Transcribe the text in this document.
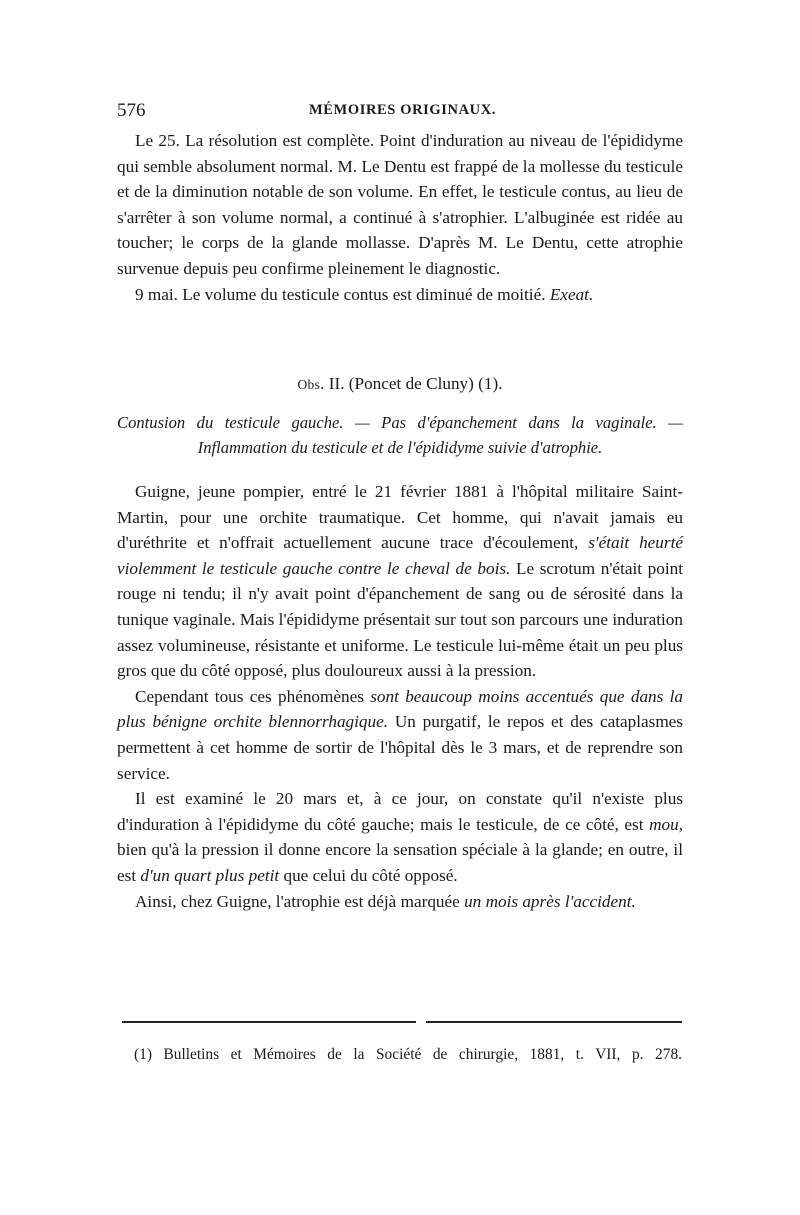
576	MÉMOIRES ORIGINAUX.

Le 25. La résolution est complète. Point d'induration au niveau de l'épididyme qui semble absolument normal. M. Le Dentu est frappé de la mollesse du testicule et de la diminution notable de son volume. En effet, le testicule contus, au lieu de s'arrêter à son volume normal, a continué à s'atrophier. L'albuginée est ridée au toucher; le corps de la glande mollasse. D'après M. Le Dentu, cette atrophie survenue depuis peu confirme pleinement le diagnostic.

9 mai. Le volume du testicule contus est diminué de moitié. Exeat.

Obs. II. (Poncet de Cluny) (1).
Contusion du testicule gauche. — Pas d'épanchement dans la vaginale. —
Inflammation du testicule et de l'épididyme suivie d'atrophie.

Guigne, jeune pompier, entré le 21 février 1881 à l'hôpital militaire Saint-Martin, pour une orchite traumatique. Cet homme, qui n'avait jamais eu d'uréthrite et n'offrait actuellement aucune trace d'écoulement, s'était heurté violemment le testicule gauche contre le cheval de bois. Le scrotum n'était point rouge ni tendu; il n'y avait point d'épanchement de sang ou de sérosité dans la tunique vaginale. Mais l'épididyme présentait sur tout son parcours une induration assez volumineuse, résistante et uniforme. Le testicule lui-même était un peu plus gros que du côté opposé, plus douloureux aussi à la pression.

Cependant tous ces phénomènes sont beaucoup moins accentués que dans la plus bénigne orchite blennorrhagique. Un purgatif, le repos et des cataplasmes permettent à cet homme de sortir de l'hôpital dès le 3 mars, et de reprendre son service.

Il est examiné le 20 mars et, à ce jour, on constate qu'il n'existe plus d'induration à l'épididyme du côté gauche; mais le testicule, de ce côté, est mou, bien qu'à la pression il donne encore la sensation spéciale à la glande; en outre, il est d'un quart plus petit que celui du côté opposé.

Ainsi, chez Guigne, l'atrophie est déjà marquée un mois après l'accident.

(1) Bulletins et Mémoires de la Société de chirurgie, 1881, t. VII, p. 278.
